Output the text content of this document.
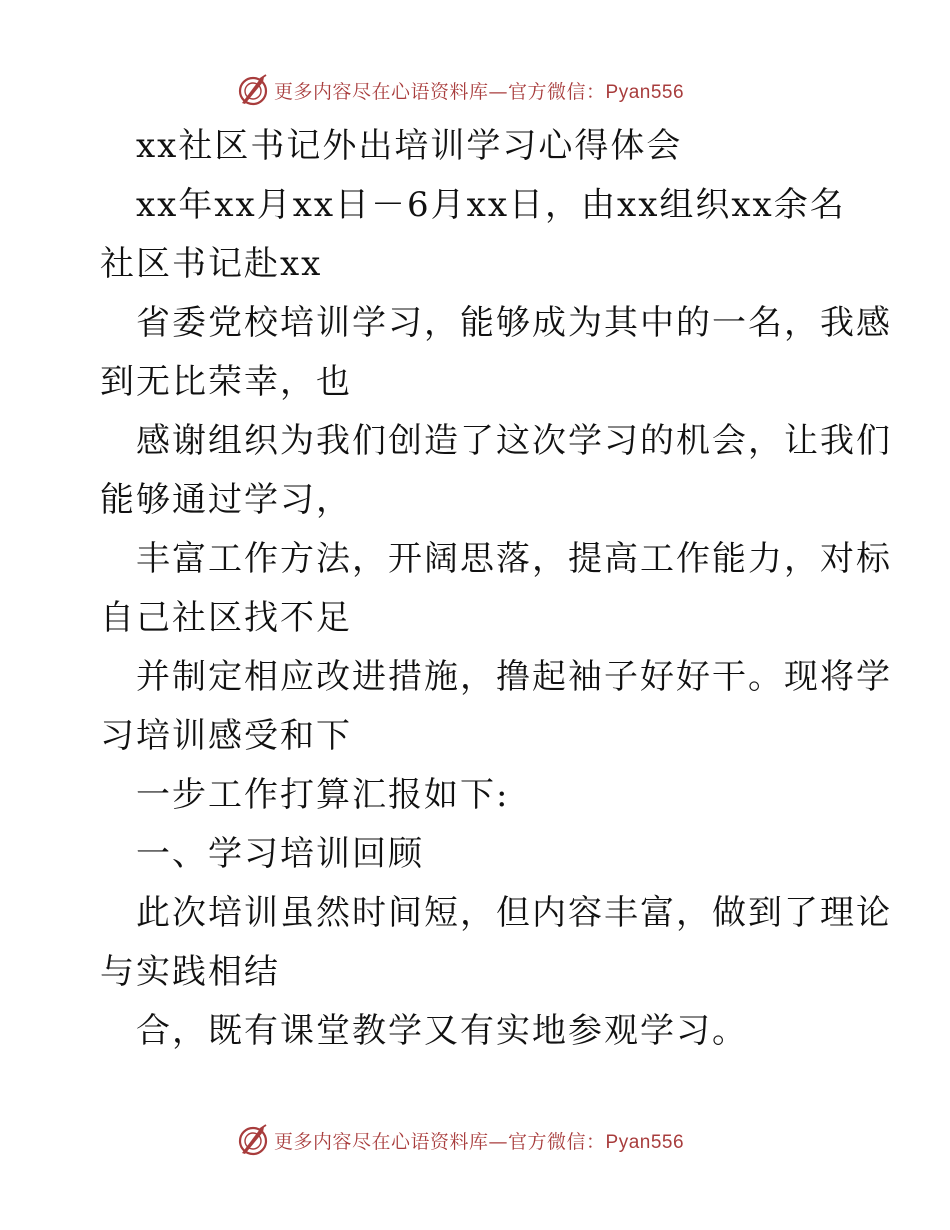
更多内容尽在心语资料库—官方微信：Pyan556
xx社区书记外出培训学习心得体会
xx年xx月xx日－6月xx日，由xx组织xx余名
社区书记赴xx
省委党校培训学习，能够成为其中的一名，我感
到无比荣幸，也
感谢组织为我们创造了这次学习的机会，让我们
能够通过学习，
丰富工作方法，开阔思落，提高工作能力，对标
自己社区找不足
并制定相应改进措施，撸起袖子好好干。现将学
习培训感受和下
一步工作打算汇报如下:
一、学习培训回顾
此次培训虽然时间短，但内容丰富，做到了理论
与实践相结
合，既有课堂教学又有实地参观学习。
更多内容尽在心语资料库—官方微信：Pyan556
